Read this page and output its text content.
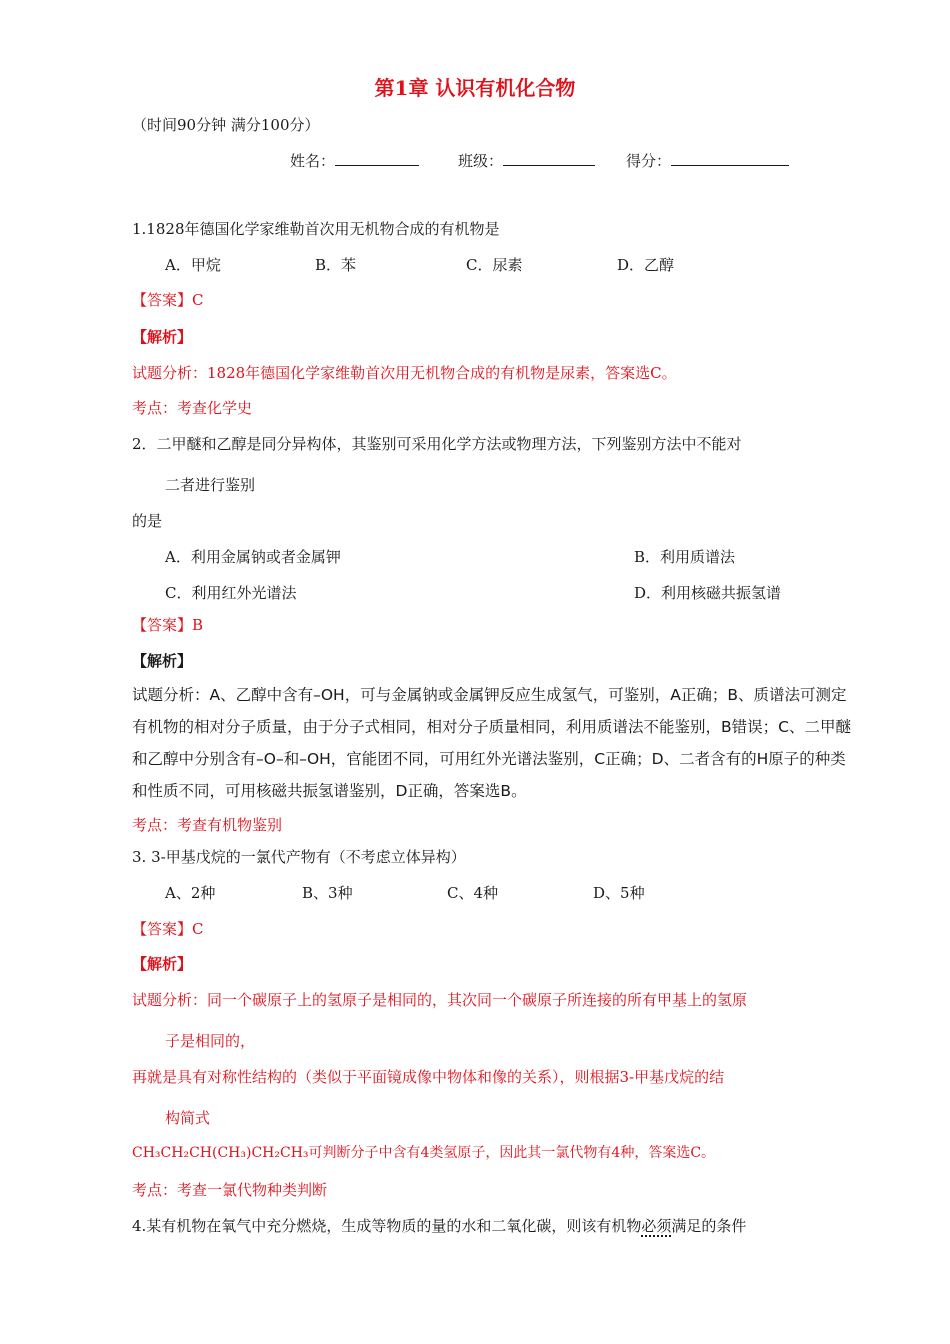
第1章 认识有机化合物
（时间90分钟 满分100分）
姓名：	班级：	得分：
1.1828年德国化学家维勒首次用无机物合成的有机物是
A．甲烷	B．苯	C．尿素	D．乙醇
【答案】C
【解析】
试题分析：1828年德国化学家维勒首次用无机物合成的有机物是尿素，答案选C。
考点：考查化学史
2．二甲醚和乙醇是同分异构体，其鉴别可采用化学方法或物理方法，下列鉴别方法中不能对
二者进行鉴别
的是
A．利用金属钠或者金属钾	B．利用质谱法
C．利用红外光谱法	D．利用核磁共振氢谱
【答案】B
【解析】
试题分析：A、乙醇中含有–OH，可与金属钠或金属钾反应生成氢气，可鉴别，A正确；B、质谱法可测定
有机物的相对分子质量，由于分子式相同，相对分子质量相同，利用质谱法不能鉴别，B错误；C、二甲醚
和乙醇中分别含有–O–和–OH，官能团不同，可用红外光谱法鉴别，C正确；D、二者含有的H原子的种类
和性质不同，可用核磁共振氢谱鉴别，D正确，答案选B。
考点：考查有机物鉴别
3. 3-甲基戊烷的一氯代产物有（不考虑立体异构）
A、2种	B、3种	C、4种	D、5种
【答案】C
【解析】
试题分析：同一个碳原子上的氢原子是相同的，其次同一个碳原子所连接的所有甲基上的氢原
子是相同的，
再就是具有对称性结构的（类似于平面镜成像中物体和像的关系），则根据3-甲基戊烷的结
构简式
CH₃CH₂CH(CH₃)CH₂CH₃可判断分子中含有4类氢原子，因此其一氯代物有4种，答案选C。
考点：考查一氯代物种类判断
4.某有机物在氧气中充分燃烧，生成等物质的量的水和二氧化碳，则该有机物必须满足的条件
